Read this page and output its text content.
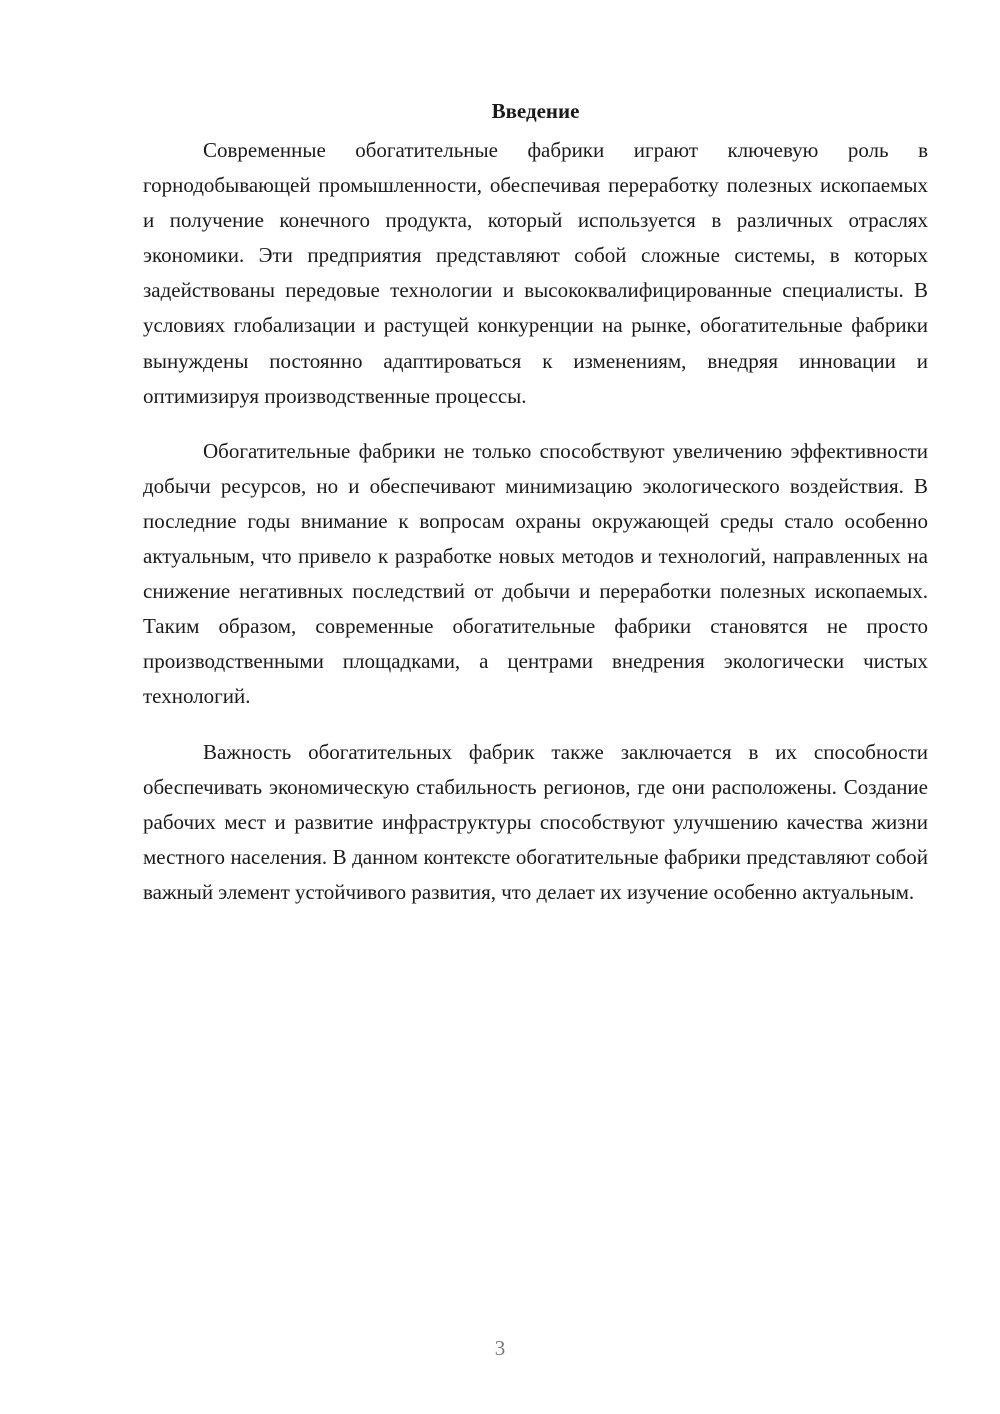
Введение

Современные обогатительные фабрики играют ключевую роль в горнодобывающей промышленности, обеспечивая переработку полезных ископаемых и получение конечного продукта, который используется в различных отраслях экономики. Эти предприятия представляют собой сложные системы, в которых задействованы передовые технологии и высококвалифицированные специалисты. В условиях глобализации и растущей конкуренции на рынке, обогатительные фабрики вынуждены постоянно адаптироваться к изменениям, внедряя инновации и оптимизируя производственные процессы.

Обогатительные фабрики не только способствуют увеличению эффективности добычи ресурсов, но и обеспечивают минимизацию экологического воздействия. В последние годы внимание к вопросам охраны окружающей среды стало особенно актуальным, что привело к разработке новых методов и технологий, направленных на снижение негативных последствий от добычи и переработки полезных ископаемых. Таким образом, современные обогатительные фабрики становятся не просто производственными площадками, а центрами внедрения экологически чистых технологий.

Важность обогатительных фабрик также заключается в их способности обеспечивать экономическую стабильность регионов, где они расположены. Создание рабочих мест и развитие инфраструктуры способствуют улучшению качества жизни местного населения. В данном контексте обогатительные фабрики представляют собой важный элемент устойчивого развития, что делает их изучение особенно актуальным.

3
